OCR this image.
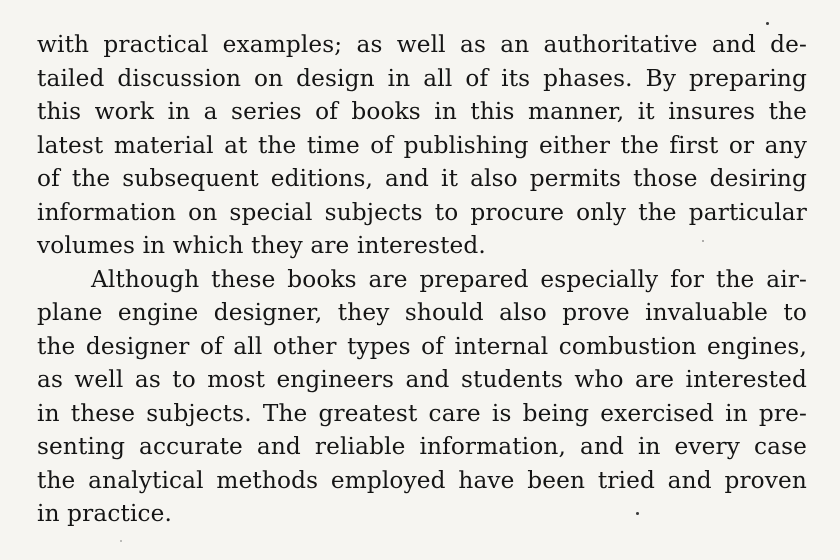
with practical examples; as well as an authoritative and de-
tailed discussion on design in all of its phases. By preparing
this work in a series of books in this manner, it insures the
latest material at the time of publishing either the first or any
of the subsequent editions, and it also permits those desiring
information on special subjects to procure only the particular
volumes in which they are interested.
Although these books are prepared especially for the air-
plane engine designer, they should also prove invaluable to
the designer of all other types of internal combustion engines,
as well as to most engineers and students who are interested
in these subjects. The greatest care is being exercised in pre-
senting accurate and reliable information, and in every case
the analytical methods employed have been tried and proven
in practice.
